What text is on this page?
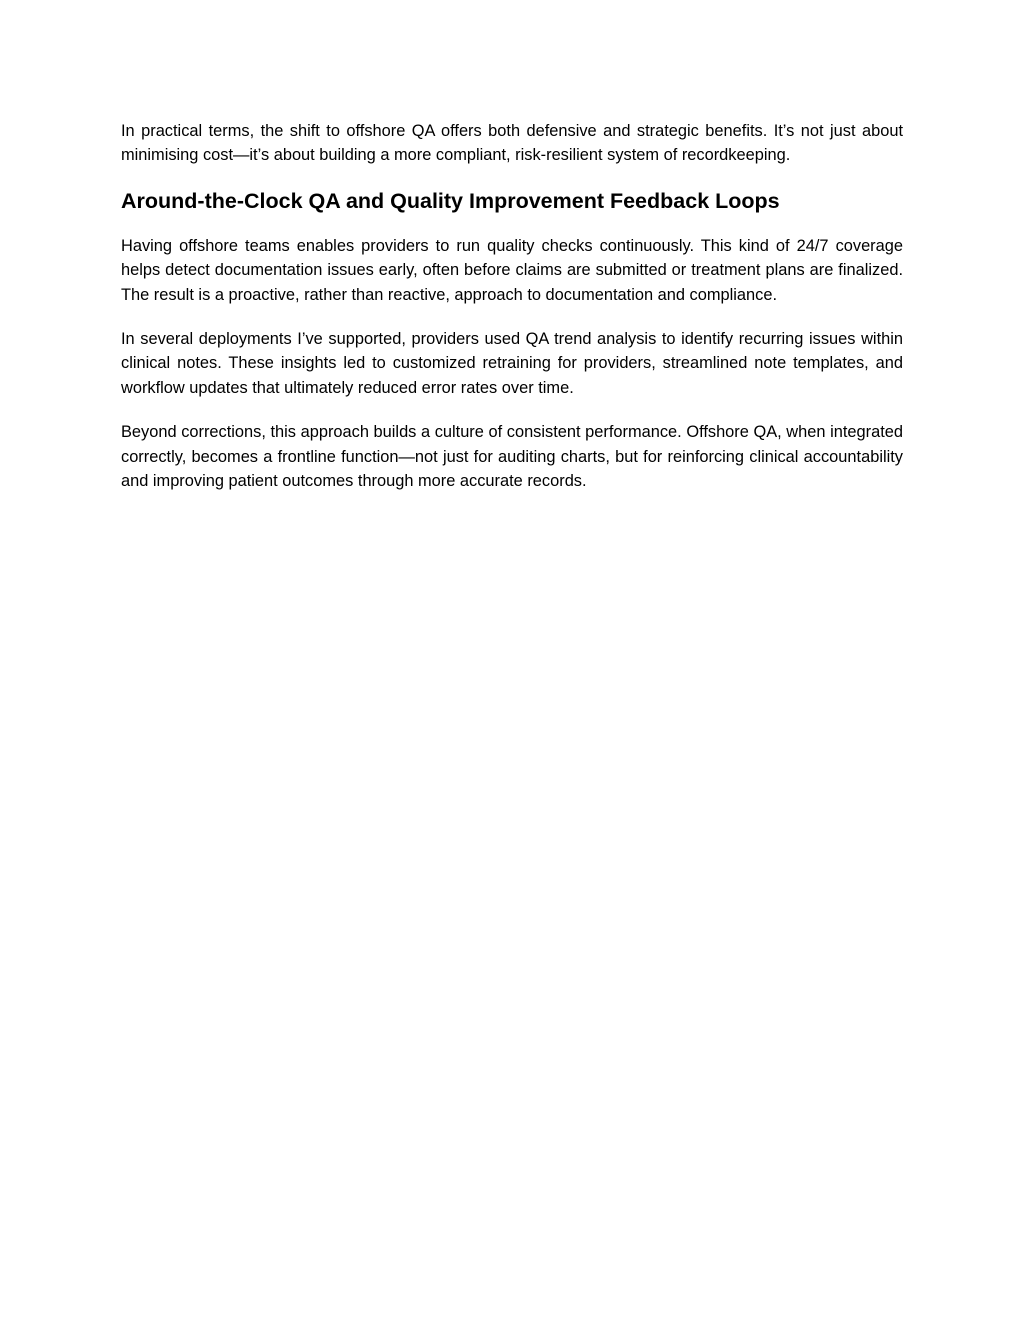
In practical terms, the shift to offshore QA offers both defensive and strategic benefits. It’s not just about minimising cost—it’s about building a more compliant, risk-resilient system of recordkeeping.

Around-the-Clock QA and Quality Improvement Feedback Loops

Having offshore teams enables providers to run quality checks continuously. This kind of 24/7 coverage helps detect documentation issues early, often before claims are submitted or treatment plans are finalized. The result is a proactive, rather than reactive, approach to documentation and compliance.

In several deployments I’ve supported, providers used QA trend analysis to identify recurring issues within clinical notes. These insights led to customized retraining for providers, streamlined note templates, and workflow updates that ultimately reduced error rates over time.

Beyond corrections, this approach builds a culture of consistent performance. Offshore QA, when integrated correctly, becomes a frontline function—not just for auditing charts, but for reinforcing clinical accountability and improving patient outcomes through more accurate records.
